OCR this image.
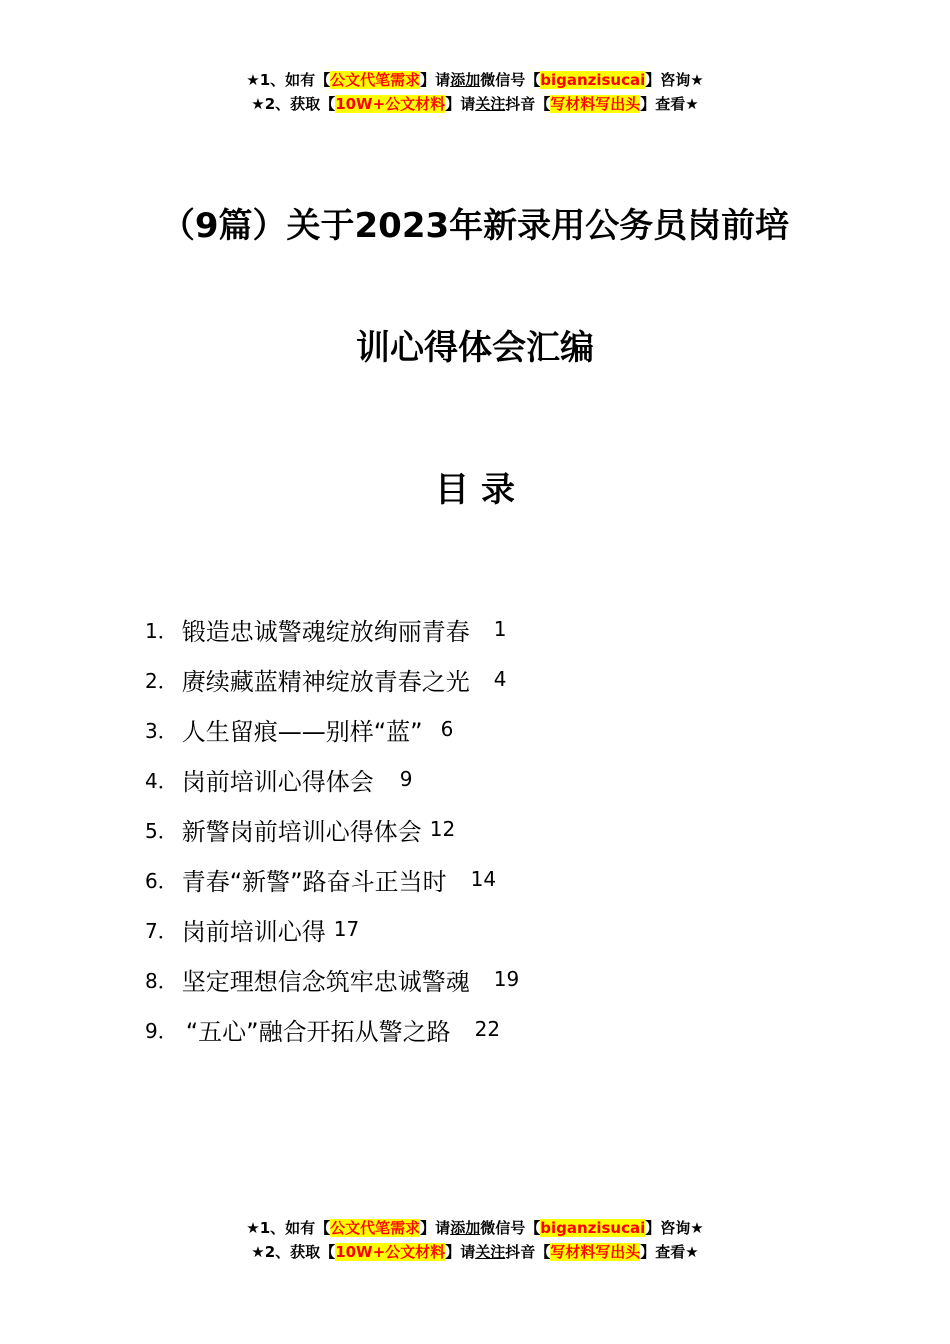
★1、如有【公文代笔需求】请添加微信号【biganzisucai】咨询★
★2、获取【10W+公文材料】请关注抖音【写材料写出头】查看★
（9篇）关于2023年新录用公务员岗前培
训心得体会汇编
目录
1． 锻造忠诚警魂绽放绚丽青春 1
2． 赓续藏蓝精神绽放青春之光 4
3． 人生留痕——别样“蓝” 6
4． 岗前培训心得体会 9
5． 新警岗前培训心得体会 12
6． 青春“新警”路奋斗正当时 14
7． 岗前培训心得 17
8． 坚定理想信念筑牢忠诚警魂 19
9． “五心”融合开拓从警之路 22
★1、如有【公文代笔需求】请添加微信号【biganzisucai】咨询★
★2、获取【10W+公文材料】请关注抖音【写材料写出头】查看★
